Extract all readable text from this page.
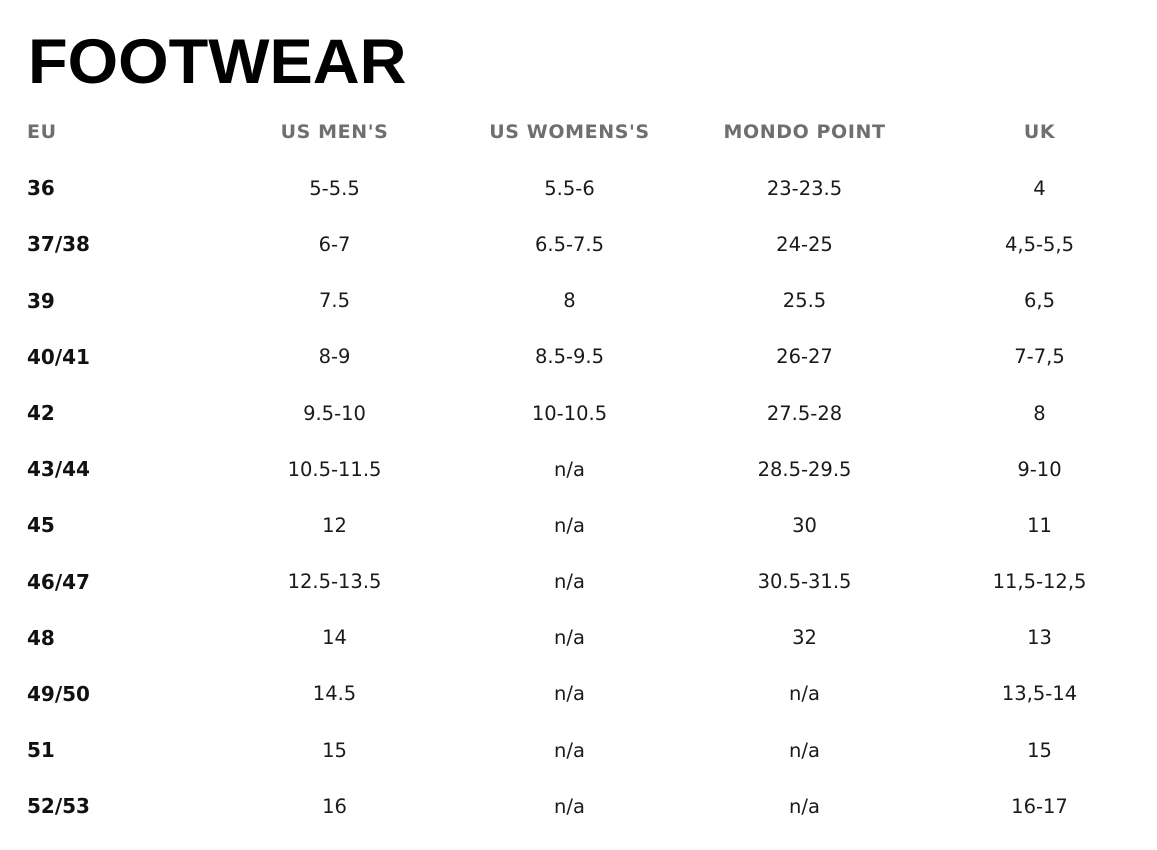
FOOTWEAR
EU	US MEN'S	US WOMENS'S	MONDO POINT	UK
36	5-5.5	5.5-6	23-23.5	4
37/38	6-7	6.5-7.5	24-25	4,5-5,5
39	7.5	8	25.5	6,5
40/41	8-9	8.5-9.5	26-27	7-7,5
42	9.5-10	10-10.5	27.5-28	8
43/44	10.5-11.5	n/a	28.5-29.5	9-10
45	12	n/a	30	11
46/47	12.5-13.5	n/a	30.5-31.5	11,5-12,5
48	14	n/a	32	13
49/50	14.5	n/a	n/a	13,5-14
51	15	n/a	n/a	15
52/53	16	n/a	n/a	16-17
